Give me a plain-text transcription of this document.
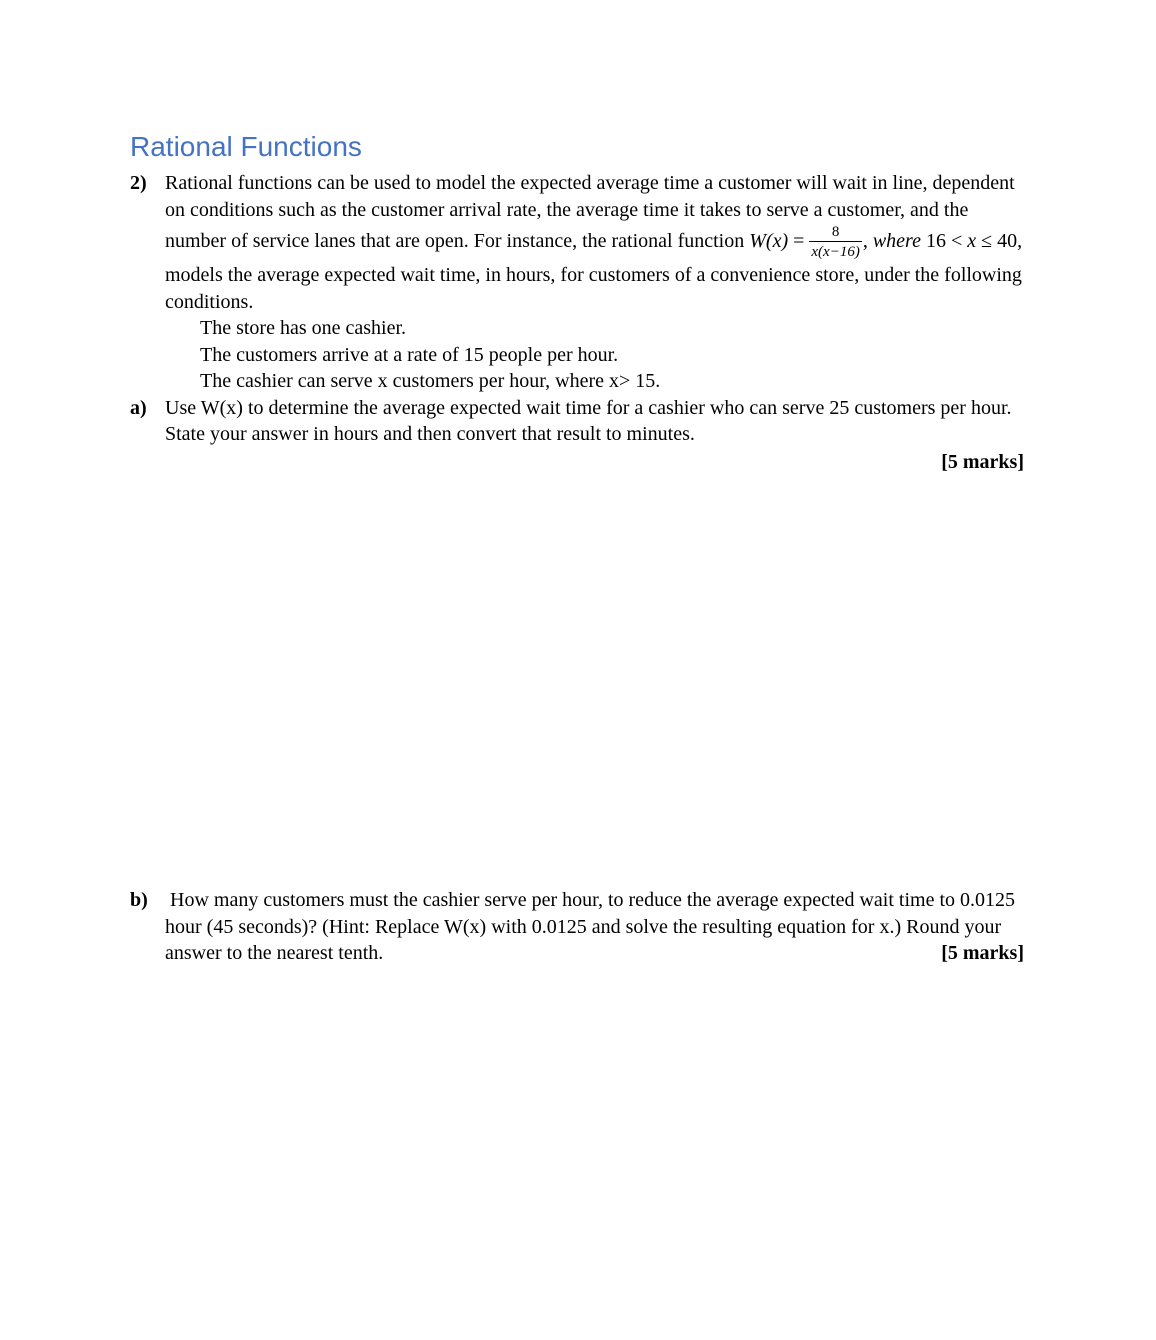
Rational Functions
2) Rational functions can be used to model the expected average time a customer will wait in line, dependent on conditions such as the customer arrival rate, the average time it takes to serve a customer, and the number of service lanes that are open. For instance, the rational function $W(x) = \frac{8}{x(x-16)}$ , where 16 < x ≤ 40, models the average expected wait time, in hours, for customers of a convenience store, under the following conditions.

The store has one cashier.

The customers arrive at a rate of 15 people per hour.

The cashier can serve x customers per hour, where x> 15.

a) Use W(x) to determine the average expected wait time for a cashier who can serve 25 customers per hour. State your answer in hours and then convert that result to minutes.

[5 marks]

b) How many customers must the cashier serve per hour, to reduce the average expected wait time to 0.0125 hour (45 seconds)? (Hint: Replace W(x) with 0.0125 and solve the resulting equation for x.) Round your answer to the nearest tenth.	[5 marks]
